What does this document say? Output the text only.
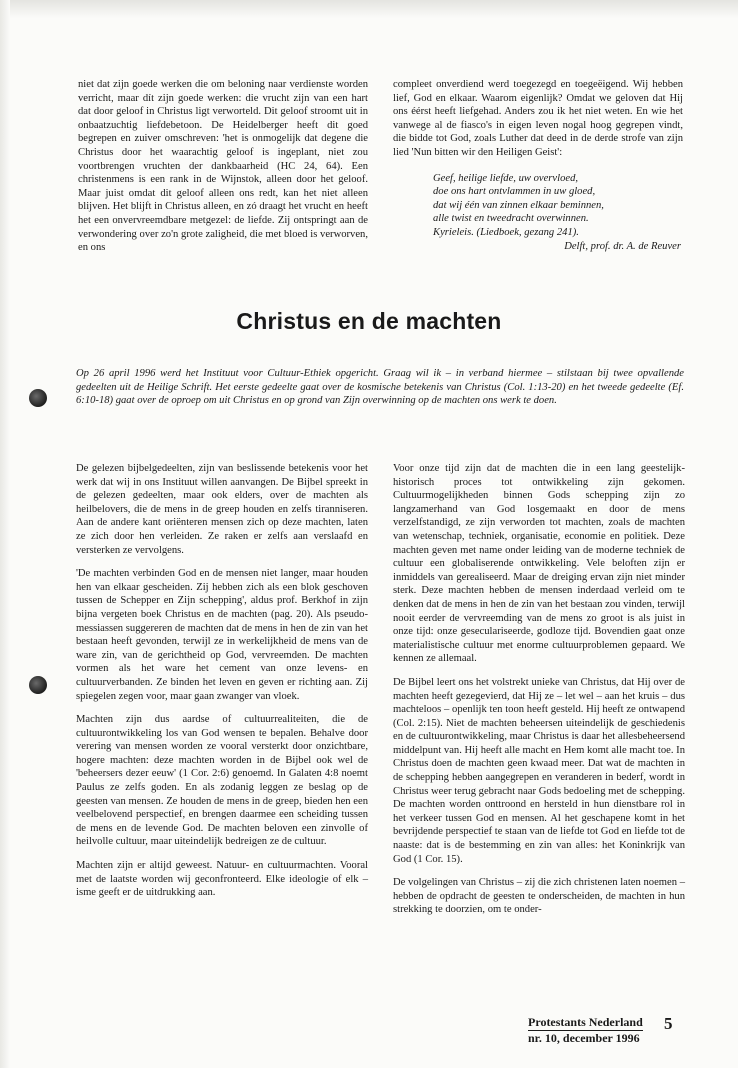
niet dat zijn goede werken die om beloning naar verdienste worden verricht, maar dít zijn goede werken: die vrucht zijn van een hart dat door geloof in Christus ligt verworteld. Dit geloof stroomt uit in onbaatzuchtig liefdebetoon. De Heidelberger heeft dit goed begrepen en zuiver omschreven: 'het is onmogelijk dat degene die Christus door het waarachtig geloof is ingeplant, niet zou voortbrengen vruchten der dankbaarheid (HC 24, 64). Een christenmens is een rank in de Wijnstok, alleen door het geloof. Maar juist omdat dit geloof alleen ons redt, kan het niet alleen blijven. Het blijft in Christus alleen, en zó draagt het vrucht en heeft het een onvervreemdbare metgezel: de liefde. Zij ontspringt aan de verwondering over zo'n grote zaligheid, die met bloed is verworven, en ons

compleet onverdiend werd toegezegd en toegeëigend. Wij hebben lief, God en elkaar. Waarom eigenlijk? Omdat we geloven dat Hij ons éérst heeft liefgehad. Anders zou ik het niet weten. En wie het vanwege al de fiasco's in eigen leven nogal hoog gegrepen vindt, die bidde tot God, zoals Luther dat deed in de derde strofe van zijn lied 'Nun bitten wir den Heiligen Geist':

Geef, heilige liefde, uw overvloed,
doe ons hart ontvlammen in uw gloed,
dat wij één van zinnen elkaar beminnen,
alle twist en tweedracht overwinnen.
Kyrieleis. (Liedboek, gezang 241).
Delft, prof. dr. A. de Reuver
Christus en de machten
Op 26 april 1996 werd het Instituut voor Cultuur-Ethiek opgericht. Graag wil ik – in verband hiermee – stilstaan bij twee opvallende gedeelten uit de Heilige Schrift. Het eerste gedeelte gaat over de kosmische betekenis van Christus (Col. 1:13-20) en het tweede gedeelte (Ef. 6:10-18) gaat over de oproep om uit Christus en op grond van Zijn overwinning op de machten ons werk te doen.

De gelezen bijbelgedeelten, zijn van beslissende betekenis voor het werk dat wij in ons Instituut willen aanvangen. De Bijbel spreekt in de gelezen gedeelten, maar ook elders, over de machten als heilbelovers, die de mens in de greep houden en zelfs tiranniseren. Aan de andere kant oriënteren mensen zich op deze machten, laten ze zich door hen verleiden. Ze raken er zelfs aan verslaafd en versterken ze vervolgens.

'De machten verbinden God en de mensen niet langer, maar houden hen van elkaar gescheiden. Zij hebben zich als een blok geschoven tussen de Schepper en Zijn schepping', aldus prof. Berkhof in zijn bijna vergeten boek Christus en de machten (pag. 20). Als pseudo-messiassen suggereren de machten dat de mens in hen de zin van het bestaan heeft gevonden, terwijl ze in werkelijkheid de mens van de ware zin, van de gerichtheid op God, vervreemden. De machten vormen als het ware het cement van onze levens- en cultuurverbanden. Ze binden het leven en geven er richting aan. Zij spiegelen zegen voor, maar gaan zwanger van vloek.

Machten zijn dus aardse of cultuurrealiteiten, die de cultuurontwikkeling los van God wensen te bepalen. Behalve door verering van mensen worden ze vooral versterkt door onzichtbare, hogere machten: deze machten worden in de Bijbel ook wel de 'beheersers dezer eeuw' (1 Cor. 2:6) genoemd. In Galaten 4:8 noemt Paulus ze zelfs goden. En als zodanig leggen ze beslag op de geesten van mensen. Ze houden de mens in de greep, bieden hen een veelbelovend perspectief, en brengen daarmee een scheiding tussen de mens en de levende God. De machten beloven een zinvolle of heilvolle cultuur, maar uiteindelijk bedreigen ze de cultuur.

Machten zijn er altijd geweest. Natuur- en cultuurmachten. Vooral met de laatste worden wij geconfronteerd. Elke ideologie of elk – isme geeft er de uitdrukking aan.

Voor onze tijd zijn dat de machten die in een lang geestelijk-historisch proces tot ontwikkeling zijn gekomen. Cultuurmogelijkheden binnen Gods schepping zijn zo langzamerhand van God losgemaakt en door de mens verzelfstandigd, ze zijn verworden tot machten, zoals de machten van wetenschap, techniek, organisatie, economie en politiek. Deze machten geven met name onder leiding van de moderne techniek de cultuur een globaliserende ontwikkeling. Vele beloften zijn er inmiddels van gerealiseerd. Maar de dreiging ervan zijn niet minder sterk. Deze machten hebben de mensen inderdaad verleid om te denken dat de mens in hen de zin van het bestaan zou vinden, terwijl nooit eerder de vervreemding van de mens zo groot is als juist in onze tijd: onze geseculariseerde, godloze tijd. Bovendien gaat onze materialistische cultuur met enorme cultuurproblemen gepaard. We kennen ze allemaal.

De Bijbel leert ons het volstrekt unieke van Christus, dat Hij over de machten heeft gezegevierd, dat Hij ze – let wel – aan het kruis – dus machteloos – openlijk ten toon heeft gesteld. Hij heeft ze ontwapend (Col. 2:15). Niet de machten beheersen uiteindelijk de geschiedenis en de cultuurontwikkeling, maar Christus is daar het allesbeheersend middelpunt van. Hij heeft alle macht en Hem komt alle macht toe. In Christus doen de machten geen kwaad meer. Dat wat de machten in de schepping hebben aangegrepen en veranderen in bederf, wordt in Christus weer terug gebracht naar Gods bedoeling met de schepping. De machten worden onttroond en hersteld in hun dienstbare rol in het verkeer tussen God en mensen. Al het geschapene komt in het bevrijdende perspectief te staan van de liefde tot God en liefde tot de naaste: dat is de bestemming en zin van alles: het Koninkrijk van God (1 Cor. 15).

De volgelingen van Christus – zij die zich christenen laten noemen – hebben de opdracht de geesten te onderscheiden, de machten in hun strekking te doorzien, om te onder-

Protestants Nederland
nr. 10, december 1996
5
